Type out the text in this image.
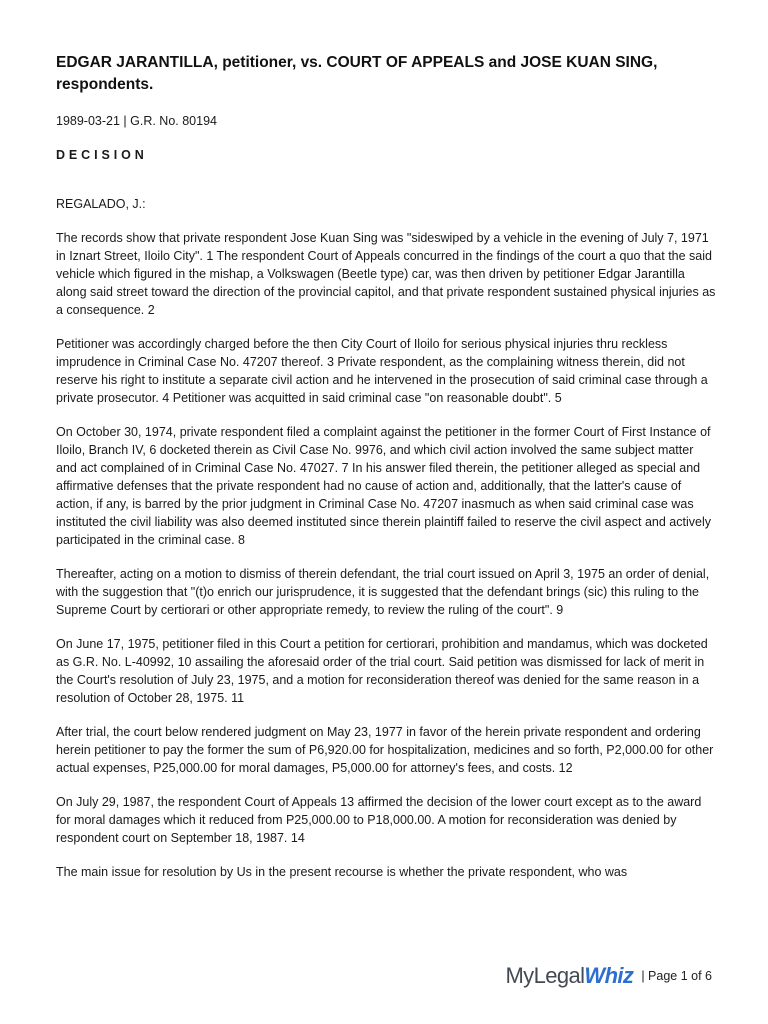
EDGAR JARANTILLA, petitioner, vs. COURT OF APPEALS and JOSE KUAN SING, respondents.
1989-03-21 | G.R. No. 80194
DECISION
REGALADO, J.:

The records show that private respondent Jose Kuan Sing was "sideswiped by a vehicle in the evening of July 7, 1971 in Iznart Street, Iloilo City". 1 The respondent Court of Appeals concurred in the findings of the court a quo that the said vehicle which figured in the mishap, a Volkswagen (Beetle type) car, was then driven by petitioner Edgar Jarantilla along said street toward the direction of the provincial capitol, and that private respondent sustained physical injuries as a consequence. 2

Petitioner was accordingly charged before the then City Court of Iloilo for serious physical injuries thru reckless imprudence in Criminal Case No. 47207 thereof. 3 Private respondent, as the complaining witness therein, did not reserve his right to institute a separate civil action and he intervened in the prosecution of said criminal case through a private prosecutor. 4 Petitioner was acquitted in said criminal case "on reasonable doubt". 5

On October 30, 1974, private respondent filed a complaint against the petitioner in the former Court of First Instance of Iloilo, Branch IV, 6 docketed therein as Civil Case No. 9976, and which civil action involved the same subject matter and act complained of in Criminal Case No. 47027. 7 In his answer filed therein, the petitioner alleged as special and affirmative defenses that the private respondent had no cause of action and, additionally, that the latter's cause of action, if any, is barred by the prior judgment in Criminal Case No. 47207 inasmuch as when said criminal case was instituted the civil liability was also deemed instituted since therein plaintiff failed to reserve the civil aspect and actively participated in the criminal case. 8

Thereafter, acting on a motion to dismiss of therein defendant, the trial court issued on April 3, 1975 an order of denial, with the suggestion that "(t)o enrich our jurisprudence, it is suggested that the defendant brings (sic) this ruling to the Supreme Court by certiorari or other appropriate remedy, to review the ruling of the court". 9

On June 17, 1975, petitioner filed in this Court a petition for certiorari, prohibition and mandamus, which was docketed as G.R. No. L-40992, 10 assailing the aforesaid order of the trial court. Said petition was dismissed for lack of merit in the Court's resolution of July 23, 1975, and a motion for reconsideration thereof was denied for the same reason in a resolution of October 28, 1975. 11

After trial, the court below rendered judgment on May 23, 1977 in favor of the herein private respondent and ordering herein petitioner to pay the former the sum of P6,920.00 for hospitalization, medicines and so forth, P2,000.00 for other actual expenses, P25,000.00 for moral damages, P5,000.00 for attorney's fees, and costs. 12

On July 29, 1987, the respondent Court of Appeals 13 affirmed the decision of the lower court except as to the award for moral damages which it reduced from P25,000.00 to P18,000.00. A motion for reconsideration was denied by respondent court on September 18, 1987. 14

The main issue for resolution by Us in the present recourse is whether the private respondent, who was

MyLegal Whiz | Page 1 of 6
